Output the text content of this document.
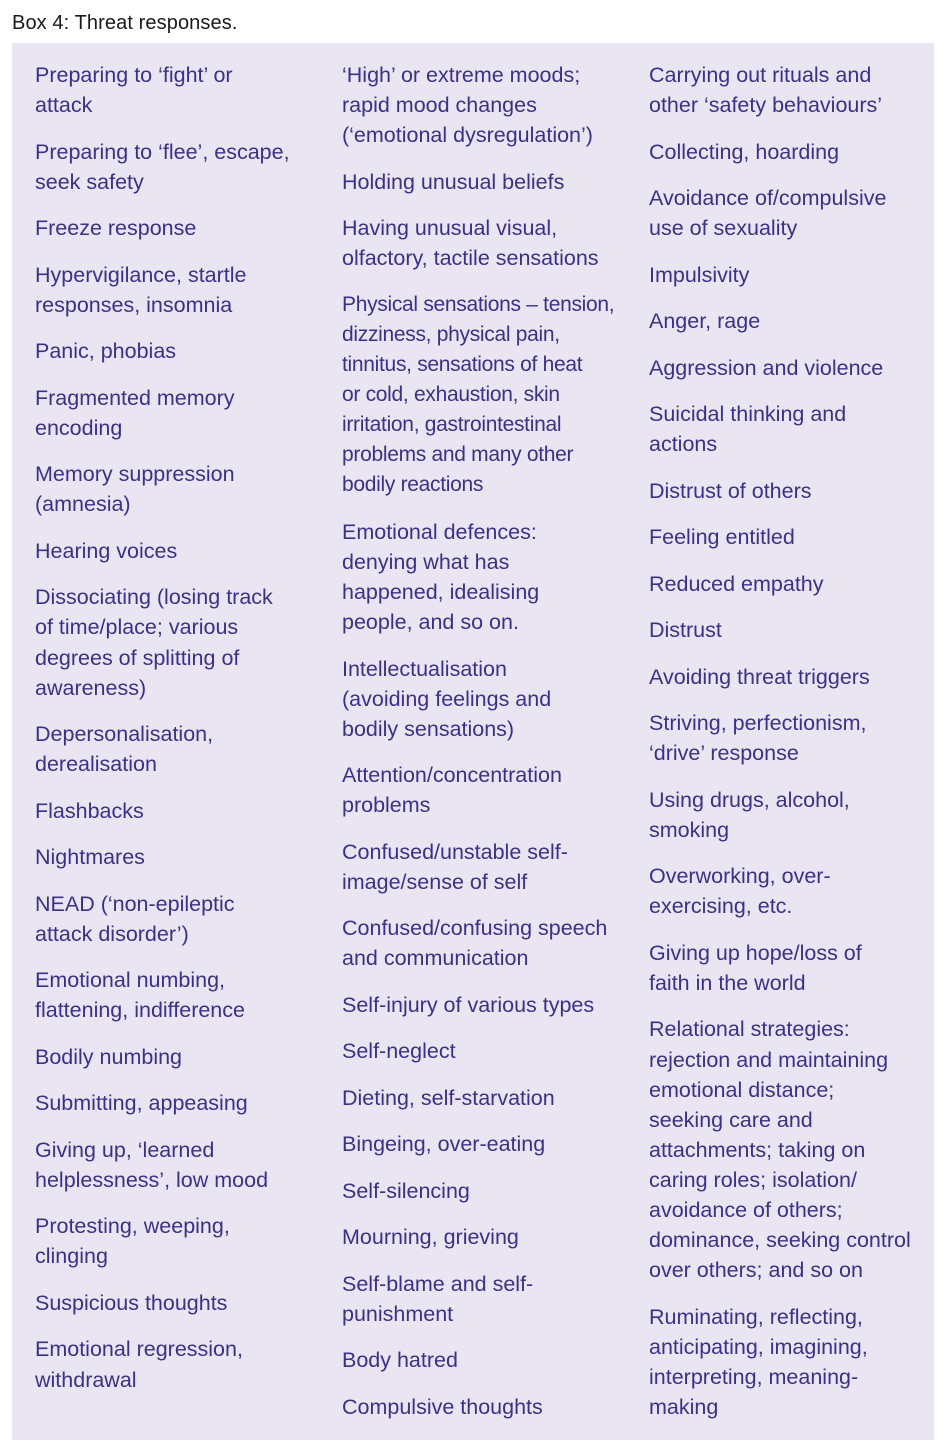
Box 4: Threat responses.
Preparing to ‘fight’ or
attack
Preparing to ‘flee’, escape,
seek safety
Freeze response
Hypervigilance, startle
responses, insomnia
Panic, phobias
Fragmented memory
encoding
Memory suppression
(amnesia)
Hearing voices
Dissociating (losing track
of time/place; various
degrees of splitting of
awareness)
Depersonalisation,
derealisation
Flashbacks
Nightmares
NEAD (‘non-epileptic
attack disorder’)
Emotional numbing,
flattening, indifference
Bodily numbing
Submitting, appeasing
Giving up, ‘learned
helplessness’, low mood
Protesting, weeping,
clinging
Suspicious thoughts
Emotional regression,
withdrawal
‘High’ or extreme moods;
rapid mood changes
(‘emotional dysregulation’)
Holding unusual beliefs
Having unusual visual,
olfactory, tactile sensations
Physical sensations – tension,
dizziness, physical pain,
tinnitus, sensations of heat
or cold, exhaustion, skin
irritation, gastrointestinal
problems and many other
bodily reactions
Emotional defences:
denying what has
happened, idealising
people, and so on.
Intellectualisation
(avoiding feelings and
bodily sensations)
Attention/concentration
problems
Confused/unstable self-
image/sense of self
Confused/confusing speech
and communication
Self-injury of various types
Self-neglect
Dieting, self-starvation
Bingeing, over-eating
Self-silencing
Mourning, grieving
Self-blame and self-
punishment
Body hatred
Compulsive thoughts
Carrying out rituals and
other ‘safety behaviours’
Collecting, hoarding
Avoidance of/compulsive
use of sexuality
Impulsivity
Anger, rage
Aggression and violence
Suicidal thinking and
actions
Distrust of others
Feeling entitled
Reduced empathy
Distrust
Avoiding threat triggers
Striving, perfectionism,
‘drive’ response
Using drugs, alcohol,
smoking
Overworking, over-
exercising, etc.
Giving up hope/loss of
faith in the world
Relational strategies:
rejection and maintaining
emotional distance;
seeking care and
attachments; taking on
caring roles; isolation/
avoidance of others;
dominance, seeking control
over others; and so on
Ruminating, reflecting,
anticipating, imagining,
interpreting, meaning-
making
